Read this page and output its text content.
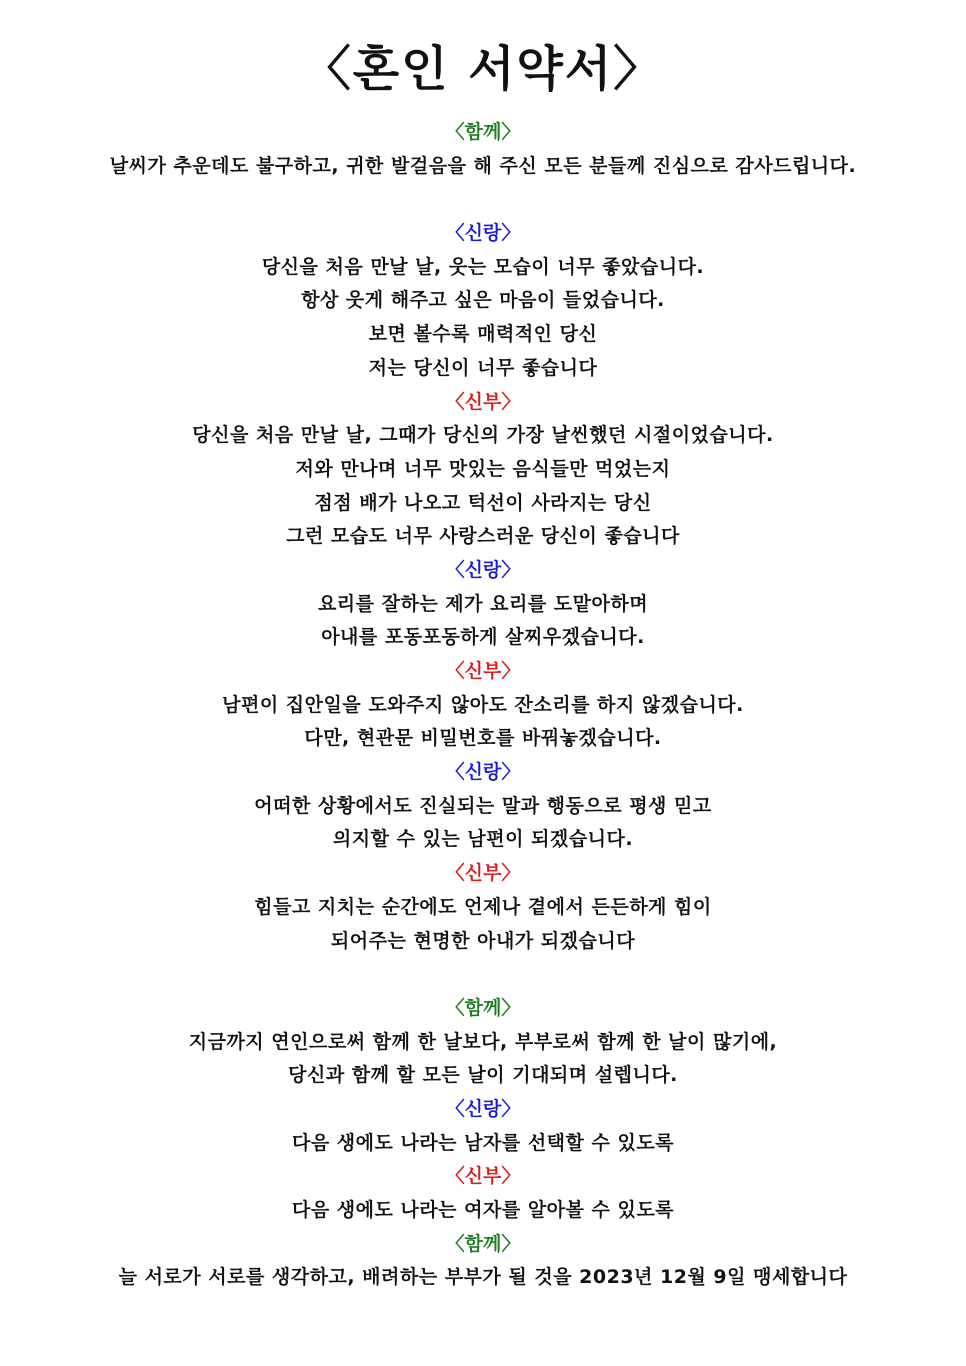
〈혼인 서약서〉
〈함께〉
날씨가 추운데도 불구하고, 귀한 발걸음을 해 주신 모든 분들께 진심으로 감사드립니다.
〈신랑〉
당신을 처음 만날 날, 웃는 모습이 너무 좋았습니다.
항상 웃게 해주고 싶은 마음이 들었습니다.
보면 볼수록 매력적인 당신
저는 당신이 너무 좋습니다
〈신부〉
당신을 처음 만날 날, 그때가 당신의 가장 날씬했던 시절이었습니다.
저와 만나며 너무 맛있는 음식들만 먹었는지
점점 배가 나오고 턱선이 사라지는 당신
그런 모습도 너무 사랑스러운 당신이 좋습니다
〈신랑〉
요리를 잘하는 제가 요리를 도맡아하며
아내를 포동포동하게 살찌우겠습니다.
〈신부〉
남편이 집안일을 도와주지 않아도 잔소리를 하지 않겠습니다.
다만, 현관문 비밀번호를 바꿔놓겠습니다.
〈신랑〉
어떠한 상황에서도 진실되는 말과 행동으로 평생 믿고
의지할 수 있는 남편이 되겠습니다.
〈신부〉
힘들고 지치는 순간에도 언제나 곁에서 든든하게 힘이
되어주는 현명한 아내가 되겠습니다
〈함께〉
지금까지 연인으로써 함께 한 날보다, 부부로써 함께 한 날이 많기에,
당신과 함께 할 모든 날이 기대되며 설렙니다.
〈신랑〉
다음 생에도 나라는 남자를 선택할 수 있도록
〈신부〉
다음 생에도 나라는 여자를 알아볼 수 있도록
〈함께〉
늘 서로가 서로를 생각하고, 배려하는 부부가 될 것을 2023년 12월 9일 맹세합니다
